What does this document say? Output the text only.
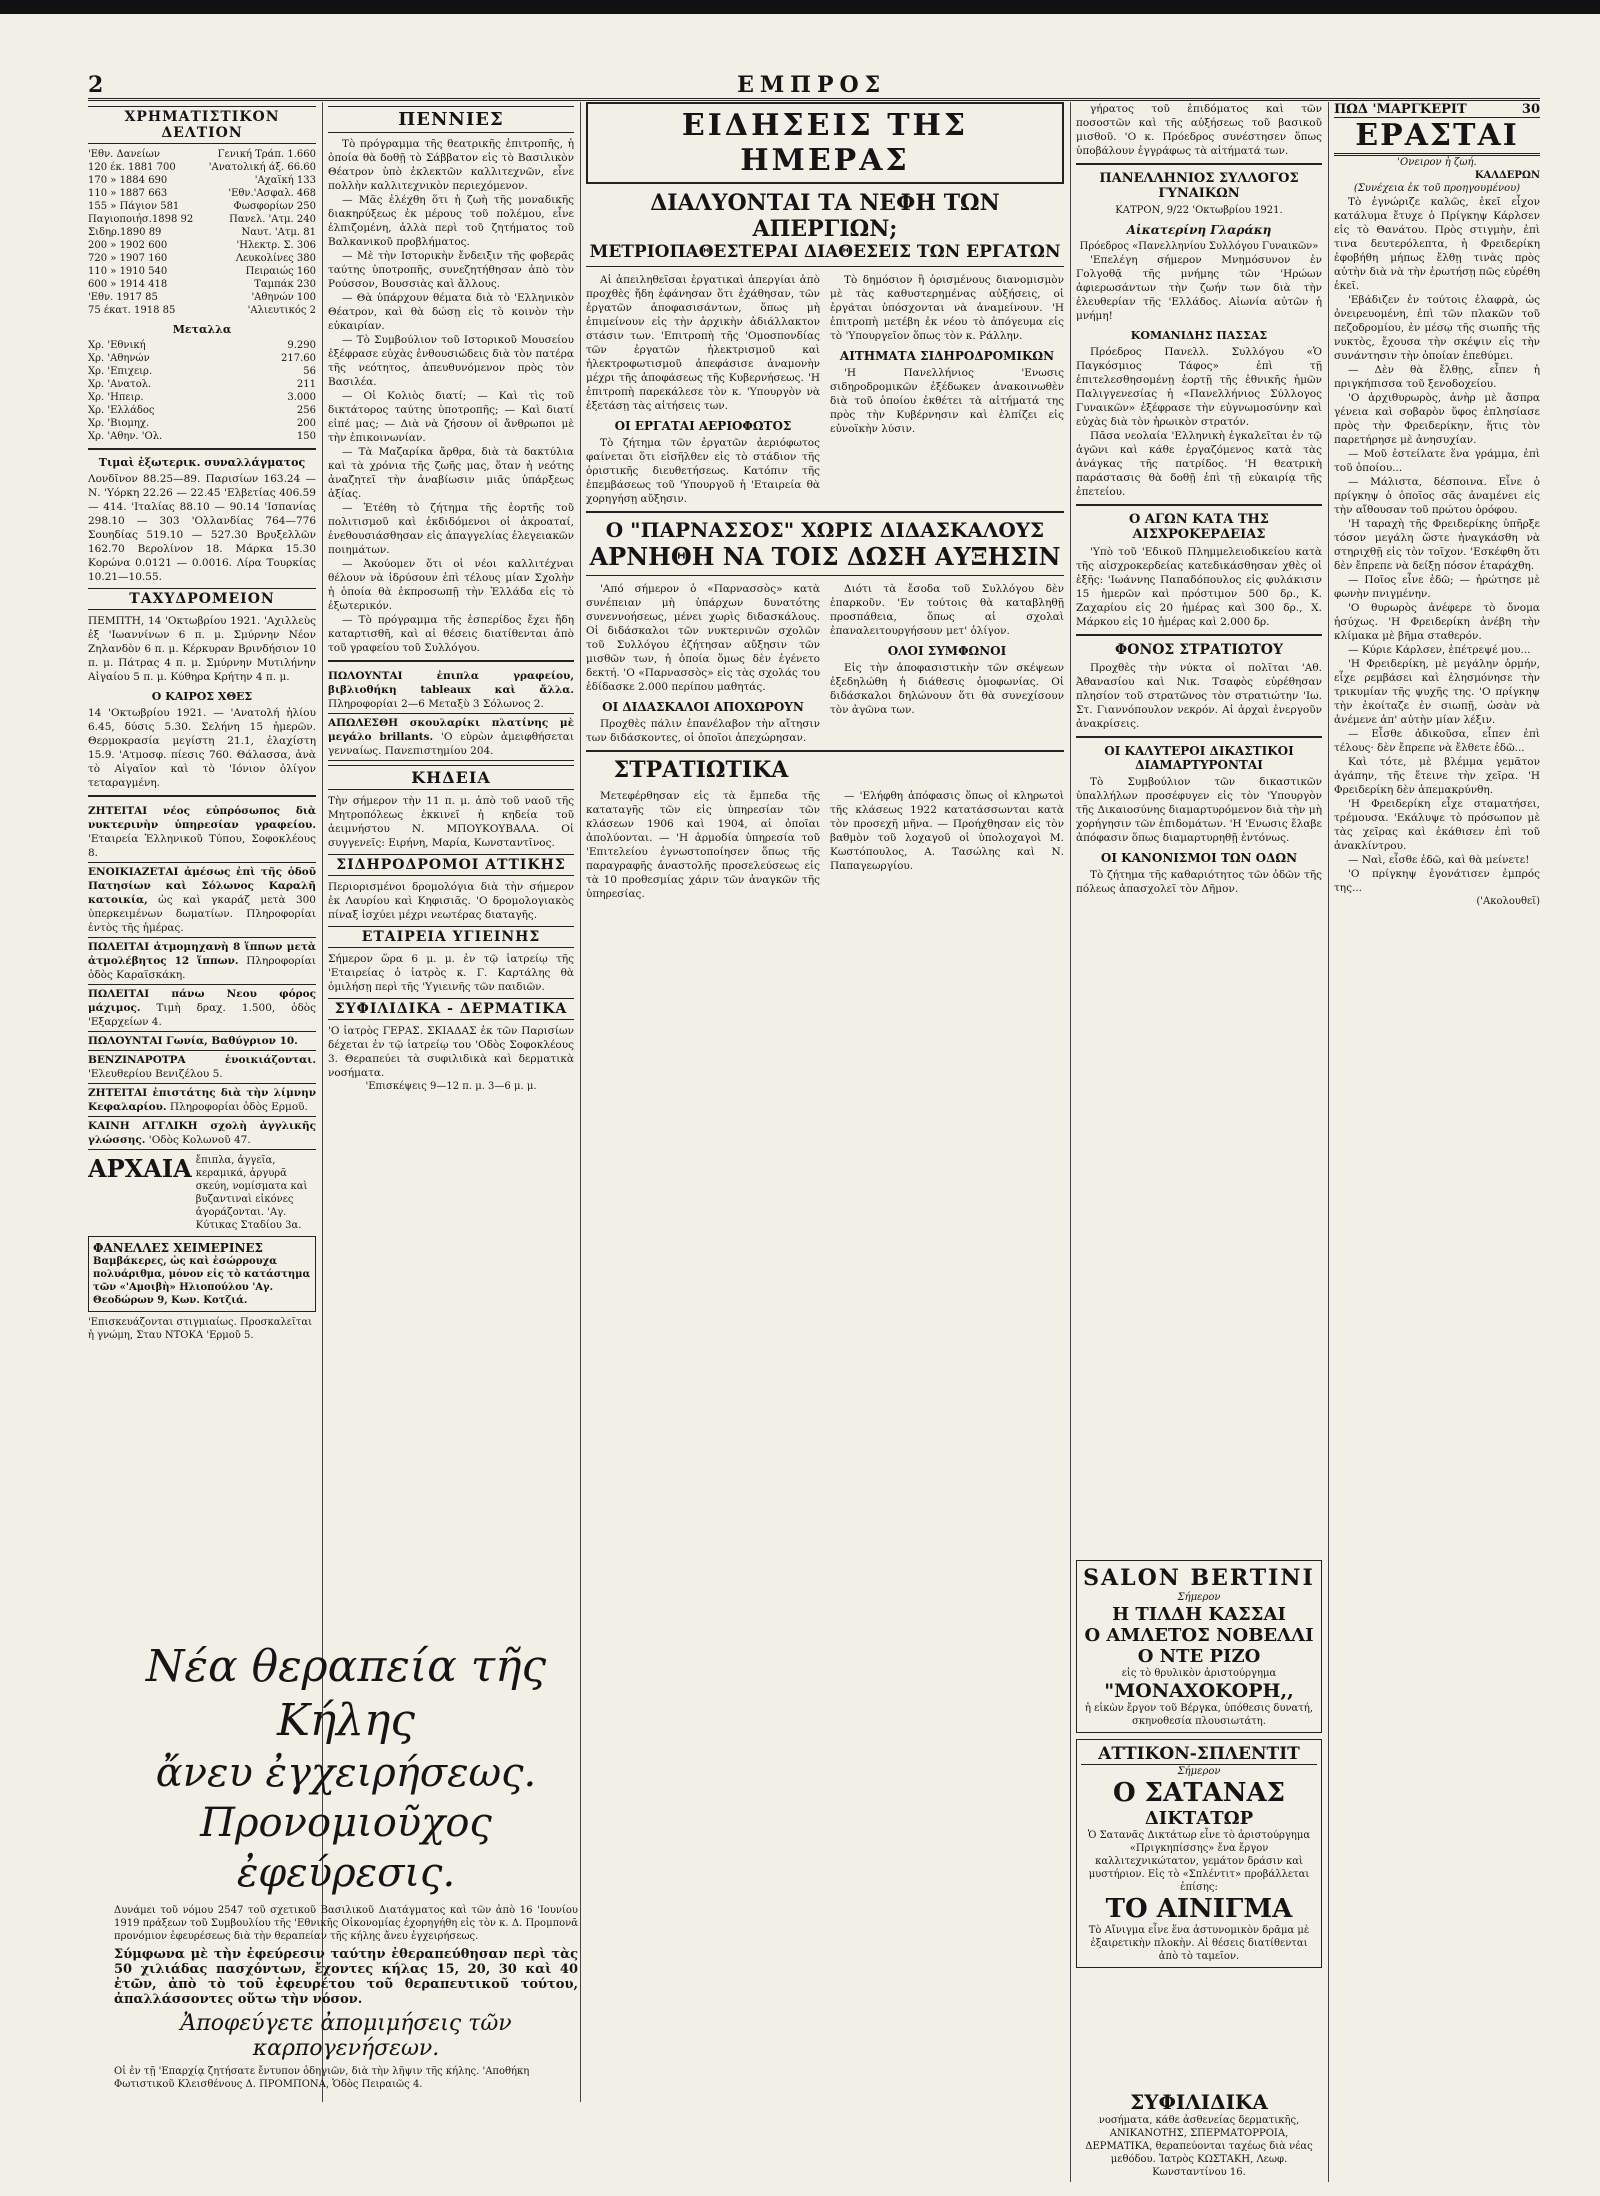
2	ΕΜΠΡΟΣ
ΧΡΗΜΑΤΙΣΤΙΚΟΝ ΔΕΛΤΙΟΝ
'Εθν. Δανείων	Γενική Τράπ. 1.660
120 έκ. 1881 700	'Ανατολική άξ. 66.60
170 » 1884 690	'Αχαϊκή 133
110 » 1887 663	'Εθν.'Ασφαλ. 468
155 » Πάγιον 581	Φωσφορίων 250
Παγιοποιήσ.1898 92	Πανελ. 'Ατμ. 240
Σιδηρ.1890 89	Ναυτ. 'Ατμ. 81
200 » 1902 600	'Ηλεκτρ. Σ. 306
720 » 1907 160	Λευκολίνες 380
110 » 1910 540	Πειραιώς 160
600 » 1914 418	Ταμπάκ 230
'Εθν. 1917 85	'Αθηνών 100
75 έκατ. 1918 85	'Αλιευτικός 2
Μεταλλα
Χρ. 'Εθνική	9.290
Χρ. 'Αθηνών	217.60
Χρ. 'Επιχειρ.	56
Χρ. 'Ανατολ.	211
Χρ. 'Ηπειρ.	3.000
Χρ. 'Ελλάδος	256
Χρ. 'Βιομηχ.	200
Χρ. 'Αθην. 'Ολ.	150
Τιμαὶ ἐξωτερικ. συναλλάγματος
Λονδῖνον 88.25—89. Παρισίων 163.24 — Ν. 'Υόρκη 22.26 — 22.45 'Ελβετίας 406.59 — 414. 'Ιταλίας 88.10 — 90.14 'Ισπανίας 298.10 — 303 'Ολλανδίας 764—776 Σουηδίας 519.10 — 527.30 Βρυξελλῶν 162.70 Βερολίνον 18. Μάρκα 15.30 Κορώνα 0.0121 — 0.0016. Λίρα Τουρκίας 10.21—10.55.
ΤΑΧΥΔΡΟΜΕΙΟΝ
ΠΕΜΠΤΗ, 14 'Οκτωβρίου 1921. 'Αχιλλεὺς ἐξ 'Ιωαννίνων 6 π. μ. Σμύρνην Νέον Ζηλανδὸν 6 π. μ. Κέρκυραν Βρινδήσιον 10 π. μ. Πάτρας 4 π. μ. Σμύρνην Μυτιλήνην Αἰγαίου 5 π. μ. Κύθηρα Κρήτην 4 π. μ.
Ο ΚΑΙΡΟΣ ΧΘΕΣ
14 'Οκτωβρίου 1921. — 'Ανατολή ἡλίου 6.45, δύσις 5.30. Σελήνη 15 ἡμερῶν. Θερμοκρασία μεγίστη 21.1, ἐλαχίστη 15.9. 'Ατμοσφ. πίεσις 760. Θάλασσα, ἀνὰ τὸ Αἰγαῖον καὶ τὸ 'Ιόνιον ὀλίγον τεταραγμένη.
ΖΗΤΕΙΤΑΙ νέος εὐπρόσωπος διὰ νυκτερινὴν ὑπηρεσίαν γραφείου. 'Εταιρεία Ἐλληνικοῦ Τύπου, Σοφοκλέους 8.
ΕΝΟΙΚΙΑΖΕΤΑΙ ἀμέσως ἐπὶ τῆς ὁδοῦ Πατησίων καὶ Σόλωνος Καραλῆ κατοικία, ὡς καὶ γκαράζ μετὰ 300 ὑπερκειμένων δωματίων. Πληροφορίαι ἐντὸς τῆς ἡμέρας.
ΠΩΛΕΙΤΑΙ ἀτμομηχανὴ 8 ἵππων μετὰ ἀτμολέβητος 12 ἵππων. Πληροφορίαι ὁδὸς Καραϊσκάκη.
ΠΩΛΕΙΤΑΙ πάνω Νεου φόρος μάχιμος. Τιμὴ δραχ. 1.500, ὁδὸς 'Εξαρχείων 4.
ΠΩΛΟΥΝΤΑΙ Γωνία, Βαθύγριον 10.
ΒΕΝΖΙΝΑΡΟΤΡΑ ἐνοικιάζονται. 'Ελευθερίου Βενιζέλου 5.
ΖΗΤΕΙΤΑΙ ἐπιστάτης διὰ τὴν λίμνην Κεφαλαρίου. Πληροφορίαι ὁδὸς Ερμοῦ.
ΚΑΙΝΗ ΑΓΓΛΙΚΗ σχολὴ ἀγγλικῆς γλώσσης. 'Οδὸς Κολωνοῦ 47.
ΑΡΧΑΙΑ ἔπιπλα, ἀγγεῖα, κεραμικά, ἀργυρᾶ σκεύη, νομίσματα καὶ βυζαντιναὶ εἰκόνες ἀγοράζονται. 'Αγ. Κύτικας Σταδίου 3α.
ΦΑΝΕΛΛΕΣ ΧΕΙΜΕΡΙΝΕΣ
Βαμβάκερες, ὡς καὶ ἐσώρρουχα πολυάριθμα, μόνον εἰς τὸ κατάστημα τῶν «'Αμοιβὴ» Ηλιοπούλου 'Αγ. Θεοδώρων 9, Κων. Κοτζιά.
'Επισκευάζονται στιγμιαίως. Προσκαλεῖται ἡ γνώμη, Σταυ ΝΤΟΚΑ 'Ερμοῦ 5.
ΠΕΝΝΙΕΣ
Τὸ πρόγραμμα τῆς θεατρικῆς ἐπιτροπῆς, ἡ ὁποία θὰ δοθῇ τὸ Σάββατον εἰς τὸ Βασιλικὸν Θέατρον ὑπὸ ἐκλεκτῶν καλλιτεχνῶν, εἶνε πολλὴν καλλιτεχνικὸν περιεχόμενον.
— Μᾶς ἐλέχθη ὅτι ἡ ζωὴ τῆς μοναδικῆς διακηρύξεως ἐκ μέρους τοῦ πολέμου, εἶνε ἐλπιζομένη, ἀλλὰ περὶ τοῦ ζητήματος τοῦ Βαλκανικοῦ προβλήματος.
— Μὲ τὴν Ιστορικὴν ἔνδειξιν τῆς φοβερᾶς ταύτης ὑποτροπῆς, συνεζητήθησαν ἀπὸ τὸν Ρούσσον, Βουσσιὰς καὶ ἄλλους.
— Θὰ ὑπάρχουν θέματα διὰ τὸ 'Ελληνικὸν Θέατρον, καὶ θὰ δώσῃ εἰς τὸ κοινὸν τὴν εὐκαιρίαν.
— Τὸ Συμβούλιον τοῦ Ιστορικοῦ Μουσείου ἐξέφρασε εὐχὰς ἐνθουσιώδεις διὰ τὸν πατέρα τῆς νεότητος, ἀπευθυνόμενον πρὸς τὸν Βασιλέα.
— Οἱ Κολιὸς διατί; — Καὶ τὶς τοῦ δικτάτορος ταύτης ὑποτροπῆς; — Καὶ διατί εἰπέ μας; — Διὰ νὰ ζήσουν οἱ ἄνθρωποι μὲ τὴν ἐπικοινωνίαν.
— Τὰ Μαζαρίκα ἄρθρα, διὰ τὰ δακτύλια καὶ τὰ χρόνια τῆς ζωῆς μας, ὅταν ἡ νεότης ἀναζητεῖ τὴν ἀναβίωσιν μιᾶς ὑπάρξεως ἀξίας.
— Ἐτέθη τὸ ζήτημα τῆς ἑορτῆς τοῦ πολιτισμοῦ καὶ ἐκδιδόμενοι οἱ ἀκροαταί, ἐνεθουσιάσθησαν εἰς ἀπαγγελίας ἐλεγειακῶν ποιημάτων.
— Ἀκούομεν ὅτι οἱ νέοι καλλιτέχναι θέλουν νὰ ἱδρύσουν ἐπὶ τέλους μίαν Σχολὴν ἡ ὁποία θὰ ἐκπροσωπῇ τὴν Ἑλλάδα εἰς τὸ ἐξωτερικόν.
— Τὸ πρόγραμμα τῆς ἑσπερίδος ἔχει ἤδη καταρτισθῆ, καὶ αἱ θέσεις διατίθενται ἀπὸ τοῦ γραφείου τοῦ Συλλόγου.
ΠΩΛΟΥΝΤΑΙ ἐπιπλα γραφείου, βιβλιοθήκη tableaux καὶ ἄλλα. Πληροφορίαι 2—6 Μεταξὺ 3 Σόλωνος 2.
ΑΠΩΛΕΣΘΗ σκουλαρίκι πλατίνης μὲ μεγάλο brillants. 'Ο εὑρὼν ἀμειφθήσεται γενναίως. Πανεπιστημίου 204.
ΚΗΔΕΙΑ
Τὴν σήμερον τὴν 11 π. μ. ἀπὸ τοῦ ναοῦ τῆς Μητροπόλεως ἐκκινεῖ ἡ κηδεία τοῦ ἀειμνήστου Ν. ΜΠΟΥΚΟΥΒΑΛΑ. Οἱ συγγενεῖς: Ειρήνη, Μαρία, Κωνσταντῖνος.
ΣΙΔΗΡΟΔΡΟΜΟΙ ΑΤΤΙΚΗΣ
Περιορισμένοι δρομολόγια διὰ τὴν σήμερον ἐκ Λαυρίου καὶ Κηφισιᾶς. 'Ο δρομολογιακὸς πίναξ ἰσχύει μέχρι νεωτέρας διαταγῆς.
ΕΤΑΙΡΕΙΑ ΥΓΙΕΙΝΗΣ
Σήμερον ὥρα 6 μ. μ. ἐν τῷ ἰατρείῳ τῆς 'Εταιρείας ὁ ἰατρὸς κ. Γ. Καρτάλης θὰ ὁμιλήσῃ περὶ τῆς 'Υγιεινῆς τῶν παιδιῶν.
ΣΥΦΙΛΙΔΙΚΑ - ΔΕΡΜΑΤΙΚΑ
'Ο ἰατρὸς ΓΕΡΑΣ. ΣΚΙΑΔΑΣ ἐκ τῶν Παρισίων δέχεται ἐν τῷ ἰατρείῳ του 'Οδὸς Σοφοκλέους 3. Θεραπεύει τὰ συφιλιδικὰ καὶ δερματικὰ νοσήματα.
'Επισκέψεις 9—12 π. μ. 3—6 μ. μ.
ΕΙΔΗΣΕΙΣ ΤΗΣ ΗΜΕΡΑΣ
ΔΙΑΛΥΟΝΤΑΙ ΤΑ ΝΕΦΗ ΤΩΝ ΑΠΕΡΓΙΩΝ;
ΜΕΤΡΙΟΠΑΘΕΣΤΕΡΑΙ ΔΙΑΘΕΣΕΙΣ ΤΩΝ ΕΡΓΑΤΩΝ
Αἱ ἀπειληθεῖσαι ἐργατικαὶ ἀπεργίαι ἀπὸ προχθὲς ἤδη ἐφάνησαν ὅτι ἐχάθησαν, τῶν ἐργατῶν ἀποφασισάντων, ὅπως μὴ ἐπιμείνουν εἰς τὴν ἀρχικὴν ἀδιάλλακτον στάσιν των. 'Επιτροπὴ τῆς 'Ομοσπονδίας τῶν ἐργατῶν ἠλεκτρισμοῦ καὶ ἡλεκτροφωτισμοῦ ἀπεφάσισε ἀναμονὴν μέχρι τῆς ἀποφάσεως τῆς Κυβερνήσεως. 'Η ἐπιτροπὴ παρεκάλεσε τὸν κ. 'Υπουργὸν νὰ ἐξετάσῃ τὰς αἰτήσεις των.
ΟΙ ΕΡΓΑΤΑΙ ΑΕΡΙΟΦΩΤΟΣ
Τὸ ζήτημα τῶν ἐργατῶν ἀεριόφωτος φαίνεται ὅτι εἰσῆλθεν εἰς τὸ στάδιον τῆς ὁριστικῆς διευθετήσεως. Κατόπιν τῆς ἐπεμβάσεως τοῦ 'Υπουργοῦ ἡ 'Εταιρεία θὰ χορηγήσῃ αὔξησιν.
Τὸ δημόσιον ἢ ὁρισμένους διανομισμὸν μὲ τὰς καθυστερημένας αὐξήσεις, οἱ ἐργάται ὑπόσχονται νὰ ἀναμείνουν. 'Η ἐπιτροπὴ μετέβη ἐκ νέου τὸ ἀπόγευμα εἰς τὸ 'Υπουργεῖον ὅπως τὸν κ. Ράλλην.
ΑΙΤΗΜΑΤΑ ΣΙΔΗΡΟΔΡΟΜΙΚΩΝ
'Η Πανελλήνιος 'Ενωσις σιδηροδρομικῶν ἐξέδωκεν ἀνακοινωθὲν διὰ τοῦ ὁποίου ἐκθέτει τὰ αἰτήματά της πρὸς τὴν Κυβέρνησιν καὶ ἐλπίζει εἰς εὐνοϊκὴν λύσιν.
Ο "ΠΑΡΝΑΣΣΟΣ" ΧΩΡΙΣ ΔΙΔΑΣΚΑΛΟΥΣ
ΑΡΝΗΘΗ ΝΑ ΤΟΙΣ ΔΩΣΗ ΑΥΞΗΣΙΝ
'Από σήμερον ὁ «Παρνασσὸς» κατὰ συνέπειαν μὴ ὑπάρχων δυνατότης συνεννοήσεως, μένει χωρὶς διδασκάλους. Οἱ διδάσκαλοι τῶν νυκτερινῶν σχολῶν τοῦ Συλλόγου ἐζήτησαν αὔξησιν τῶν μισθῶν των, ἡ ὁποία ὅμως δὲν ἐγένετο δεκτή. 'Ο «Παρνασσὸς» εἰς τὰς σχολάς του ἐδίδασκε 2.000 περίπου μαθητάς.
ΟΙ ΔΙΔΑΣΚΑΛΟΙ ΑΠΟΧΩΡΟΥΝ
Προχθὲς πάλιν ἐπανέλαβον τὴν αἴτησιν των διδάσκοντες, οἱ ὁποῖοι ἀπεχώρησαν.
Διότι τὰ ἔσοδα τοῦ Συλλόγου δὲν ἐπαρκοῦν. 'Εν τούτοις θὰ καταβληθῇ προσπάθεια, ὅπως αἱ σχολαὶ ἐπαναλειτουργήσουν μετ' ὀλίγον.
ΟΛΟΙ ΣΥΜΦΩΝΟΙ
Εἰς τὴν ἀποφασιστικὴν τῶν σκέψεων ἐξεδηλώθη ἡ διάθεσις ὁμοφωνίας. Οἱ διδάσκαλοι δηλώνουν ὅτι θὰ συνεχίσουν τὸν ἀγῶνα των.
ΣΤΡΑΤΙΩΤΙΚΑ
Μετεφέρθησαν εἰς τὰ ἔμπεδα τῆς καταταγῆς τῶν εἰς ὑπηρεσίαν τῶν κλάσεων 1906 καὶ 1904, αἱ ὁποῖαι ἀπολύονται. — 'Η ἁρμοδία ὑπηρεσία τοῦ 'Επιτελείου ἐγνωστοποίησεν ὅπως τῆς παραγραφῆς ἀναστολῆς προσελεύσεως εἰς τὰ 10 προθεσμίας χάριν τῶν ἀναγκῶν τῆς ὑπηρεσίας.
— 'Ελήφθη ἀπόφασις ὅπως οἱ κληρωτοὶ τῆς κλάσεως 1922 κατατάσσωνται κατὰ τὸν προσεχῆ μῆνα. — Προήχθησαν εἰς τὸν βαθμὸν τοῦ λοχαγοῦ οἱ ὑπολοχαγοὶ Μ. Κωστόπουλος, Α. Τασώλης καὶ Ν. Παπαγεωργίου.
γήρατος τοῦ ἐπιδόματος καὶ τῶν ποσοστῶν καὶ τῆς αὐξήσεως τοῦ βασικοῦ μισθοῦ. 'Ο κ. Πρόεδρος συνέστησεν ὅπως ὑποβάλουν ἐγγράφως τὰ αἰτήματά των.
ΠΑΝΕΛΛΗΝΙΟΣ ΣΥΛΛΟΓΟΣ ΓΥΝΑΙΚΩΝ
ΚΑΤΡΟΝ, 9/22 'Οκτωβρίου 1921.
Αἰκατερίνη Γλαράκη
Πρόεδρος «Πανελληνίου Συλλόγου Γυναικῶν»
'Επελέγη σήμερον Μνημόσυνον ἐν Γολγοθᾷ τῆς μνήμης τῶν 'Ηρώων ἀφιερωσάντων τὴν ζωήν των διὰ τὴν ἐλευθερίαν τῆς 'Ελλάδος. Αἰωνία αὐτῶν ἡ μνήμη!
ΚΟΜΑΝΙΔΗΣ ΠΑΣΣΑΣ
Πρόεδρος Πανελλ. Συλλόγου «Ὁ Παγκόσμιος Τάφος» ἐπὶ τῇ ἐπιτελεσθησομένῃ ἑορτῇ τῆς ἐθνικῆς ἡμῶν Παλιγγενεσίας ἡ «Πανελλήνιος Σύλλογος Γυναικῶν» ἐξέφρασε τὴν εὐγνωμοσύνην καὶ εὐχὰς διὰ τὸν ἡρωικὸν στρατόν.
Πᾶσα νεολαία 'Ελληνικὴ ἐγκαλεῖται ἐν τῷ ἀγῶνι καὶ κάθε ἐργαζόμενος κατὰ τὰς ἀνάγκας τῆς πατρίδος. 'Η θεατρικὴ παράστασις θὰ δοθῇ ἐπὶ τῇ εὐκαιρίᾳ τῆς ἐπετείου.
Ο ΑΓΩΝ ΚΑΤΑ ΤΗΣ ΑΙΣΧΡΟΚΕΡΔΕΙΑΣ
'Υπὸ τοῦ 'Εδικοῦ Πλημμελειοδικείου κατὰ τῆς αἰσχροκερδείας κατεδικάσθησαν χθὲς οἱ ἑξῆς: 'Ιωάννης Παπαδόπουλος εἰς φυλάκισιν 15 ἡμερῶν καὶ πρόστιμον 500 δρ., Κ. Ζαχαρίου εἰς 20 ἡμέρας καὶ 300 δρ., Χ. Μάρκου εἰς 10 ἡμέρας καὶ 2.000 δρ.
ΦΟΝΟΣ ΣΤΡΑΤΙΩΤΟΥ
Προχθὲς τὴν νύκτα οἱ πολῖται 'Αθ. Ἀθανασίου καὶ Νικ. Τσαφὸς εὑρέθησαν πλησίον τοῦ στρατῶνος τὸν στρατιώτην 'Ιω. Στ. Γιαννόπουλον νεκρόν. Αἱ ἀρχαὶ ἐνεργοῦν ἀνακρίσεις.
ΟΙ ΚΑΛΥΤΕΡΟΙ ΔΙΚΑΣΤΙΚΟΙ ΔΙΑΜΑΡΤΥΡΟΝΤΑΙ
Τὸ Συμβούλιον τῶν δικαστικῶν ὑπαλλήλων προσέφυγεν εἰς τὸν 'Υπουργὸν τῆς Δικαιοσύνης διαμαρτυρόμενον διὰ τὴν μὴ χορήγησιν τῶν ἐπιδομάτων. 'Η 'Ενωσις ἔλαβε ἀπόφασιν ὅπως διαμαρτυρηθῇ ἐντόνως.
ΟΙ ΚΑΝΟΝΙΣΜΟΙ ΤΩΝ ΟΔΩΝ
Τὸ ζήτημα τῆς καθαριότητος τῶν ὁδῶν τῆς πόλεως ἀπασχολεῖ τὸν Δῆμον.
ΠΩΔ 'ΜΑΡΓΚΕΡΙΤ	30
ΕΡΑΣΤΑΙ
'Ονειρον ἡ ζωή.
ΚΑΛΔΕΡΩΝ
(Συνέχεια ἐκ τοῦ προηγουμένου)
Τὸ ἐγνώριζε καλῶς, ἐκεῖ εἶχον κατάλυμα ἔτυχε ὁ Πρίγκηψ Κάρλσεν εἰς τὸ Θανάτου. Πρὸς στιγμὴν, ἐπὶ τινα δευτερόλεπτα, ἡ Φρειδερίκη ἐφοβήθη μήπως ἔλθῃ τινὰς πρὸς αὐτὴν διὰ νὰ τὴν ἐρωτήσῃ πῶς εὑρέθη ἐκεῖ.
'Εβάδιζεν ἐν τούτοις ἐλαφρὰ, ὡς ὀνειρευομένη, ἐπὶ τῶν πλακῶν τοῦ πεζοδρομίου, ἐν μέσῳ τῆς σιωπῆς τῆς νυκτὸς, ἔχουσα τὴν σκέψιν εἰς τὴν συνάντησιν τὴν ὁποίαν ἐπεθύμει.
— Δὲν θὰ ἔλθῃς, εἶπεν ἡ πριγκήπισσα τοῦ ξενοδοχείου.
'Ο ἀρχιθυρωρὸς, ἀνὴρ μὲ ἄσπρα γένεια καὶ σοβαρὸν ὕφος ἐπλησίασε πρὸς τὴν Φρειδερίκην, ἥτις τὸν παρετήρησε μὲ ἀνησυχίαν.
— Μοῦ ἐστείλατε ἕνα γράμμα, ἐπὶ τοῦ ὁποίου...
— Μάλιστα, δέσποινα. Εἶνε ὁ πρίγκηψ ὁ ὁποῖος σᾶς ἀναμένει εἰς τὴν αἴθουσαν τοῦ πρώτου ὀρόφου.
'Η ταραχὴ τῆς Φρειδερίκης ὑπῆρξε τόσον μεγάλη ὥστε ἠναγκάσθη νὰ στηριχθῇ εἰς τὸν τοῖχον. 'Εσκέφθη ὅτι δὲν ἔπρεπε νὰ δείξῃ πόσον ἐταράχθη.
— Ποῖος εἶνε ἐδῶ; — ἠρώτησε μὲ φωνὴν πνιγμένην.
'Ο θυρωρὸς ἀνέφερε τὸ ὄνομα ἡσύχως. 'Η Φρειδερίκη ἀνέβη τὴν κλίμακα μὲ βῆμα σταθερόν.
— Κύριε Κάρλσεν, ἐπέτρεψέ μου...
'Η Φρειδερίκη, μὲ μεγάλην ὁρμήν, εἶχε ρεμβάσει καὶ ἐλησμόνησε τὴν τρικυμίαν τῆς ψυχῆς της. 'Ο πρίγκηψ τὴν ἐκοίταζε ἐν σιωπῇ, ὡσὰν νὰ ἀνέμενε ἀπ' αὐτὴν μίαν λέξιν.
— Εἶσθε ἀδικοῦσα, εἶπεν ἐπὶ τέλους· δὲν ἔπρεπε νὰ ἔλθετε ἐδῶ...
Καὶ τότε, μὲ βλέμμα γεμᾶτον ἀγάπην, τῆς ἔτεινε τὴν χεῖρα. 'Η Φρειδερίκη δὲν ἀπεμακρύνθη.
'Η Φρειδερίκη εἶχε σταματήσει, τρέμουσα. 'Εκάλυψε τὸ πρόσωπον μὲ τὰς χεῖρας καὶ ἐκάθισεν ἐπὶ τοῦ ἀνακλίντρου.
— Ναὶ, εἶσθε ἐδῶ, καὶ θὰ μείνετε!
'Ο πρίγκηψ ἐγονάτισεν ἐμπρός της...
('Ακολουθεῖ)
SALON BERTINI
Σήμερον
Η ΤΙΛΔΗ ΚΑΣΣΑΙ
Ο ΑΜΛΕΤΟΣ ΝΟΒΕΛΛΙ
Ο ΝΤΕ ΡΙΖΟ
εἰς τὸ θρυλικὸν ἀριστούργημα
"ΜΟΝΑΧΟΚΟΡΗ,,
ἡ εἰκὼν ἔργον τοῦ Βέργκα, ὑπόθεσις δυνατή, σκηνοθεσία πλουσιωτάτη.
ΑΤΤΙΚΟΝ-ΣΠΛΕΝΤΙΤ
Σήμερον
Ο ΣΑΤΑΝΑΣ
ΔΙΚΤΑΤΩΡ
Ὁ Σατανᾶς Δικτάτωρ εἶνε τὸ ἀριστούργημα «Πριγκηπίσσης» ἔνα ἔργον καλλιτεχνικώτατον, γεμάτον δράσιν καὶ μυστήριον. Εἰς τὸ «Σπλέντιτ» προβάλλεται ἐπίσης:
ΤΟ ΑΙΝΙΓΜΑ
Τὸ Αἴνιγμα εἶνε ἕνα ἀστυνομικὸν δρᾶμα μὲ ἐξαιρετικὴν πλοκὴν. Αἱ θέσεις διατίθενται ἀπὸ τὸ ταμεῖον.
ΣΥΦΙΛΙΔΙΚΑ
νοσήματα, κάθε ἀσθενείας δερματικῆς, ΑΝΙΚΑΝΟΤΗΣ, ΣΠΕΡΜΑΤΟΡΡΟΙΑ, ΔΕΡΜΑΤΙΚΑ, θεραπεύονται ταχέως διὰ νέας μεθόδου. Ἰατρὸς ΚΩΣΤΑΚΗ, Λεωφ. Κωνσταντίνου 16.
Νέα θεραπεία τῆς Κήλης
ἄνευ ἐγχειρήσεως.
Προνομιοῦχος ἐφεύρεσις.
Δυνάμει τοῦ νόμου 2547 τοῦ σχετικοῦ Βασιλικοῦ Διατάγματος καὶ τῶν ἀπὸ 16 'Ιουνίου 1919 πράξεων τοῦ Συμβουλίου τῆς 'Εθνικῆς Οἰκονομίας ἐχορηγήθη εἰς τὸν κ. Δ. Προμπονᾶ προνόμιον ἐφευρέσεως διὰ τὴν θεραπείαν τῆς κήλης ἄνευ ἐγχειρήσεως.
Σύμφωνα μὲ τὴν ἐφεύρεσιν ταύτην ἐθεραπεύθησαν περὶ τὰς 50 χιλιάδας πασχόντων, ἔχοντες κήλας 15, 20, 30 καὶ 40 ἐτῶν, ἀπὸ τὸ τοῦ ἐφευρέτου τοῦ θεραπευτικοῦ τούτου, ἀπαλλάσσοντες οὕτω τὴν νόσον.
Ἀποφεύγετε ἀπομιμήσεις τῶν καρπογενήσεων.
Οἱ ἐν τῇ 'Επαρχίᾳ ζητήσατε ἔντυπον ὁδηγιῶν, διὰ τὴν λῆψιν τῆς κήλης. 'Αποθήκη Φωτιστικοῦ Κλεισθένους Δ. ΠΡΟΜΠΟΝΑ, Ὁδὸς Πειραιῶς 4.
